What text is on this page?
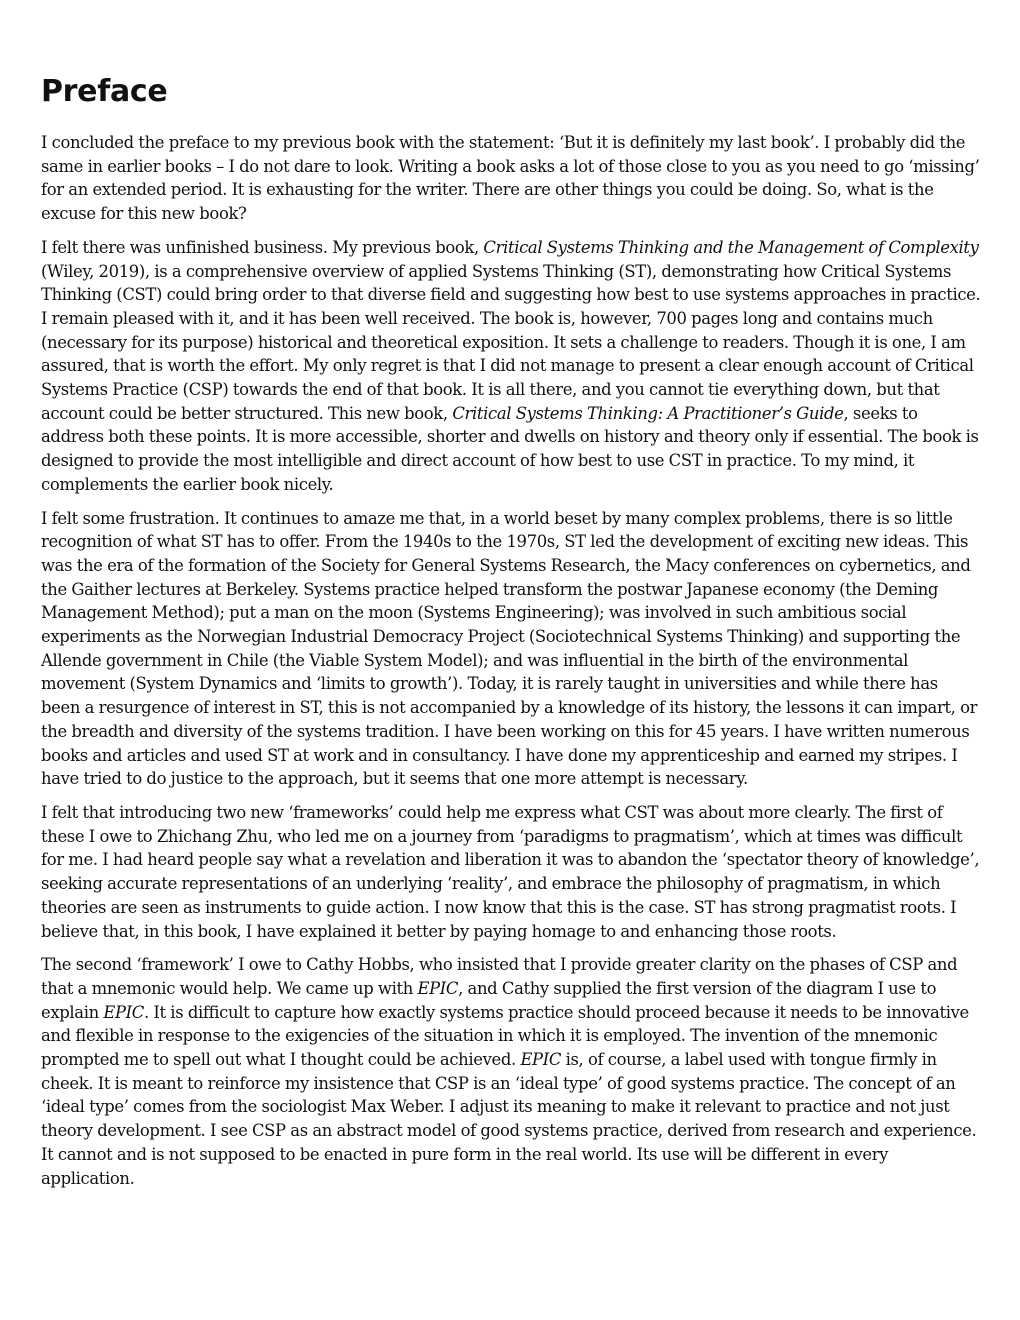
Preface

I concluded the preface to my previous book with the statement: ‘But it is definitely my last book’. I probably did the same in earlier books – I do not dare to look. Writing a book asks a lot of those close to you as you need to go ‘missing’ for an extended period. It is exhausting for the writer. There are other things you could be doing. So, what is the excuse for this new book?

I felt there was unfinished business. My previous book, Critical Systems Thinking and the Management of Complexity (Wiley, 2019), is a comprehensive overview of applied Systems Thinking (ST), demonstrating how Critical Systems Thinking (CST) could bring order to that diverse field and suggesting how best to use systems approaches in practice. I remain pleased with it, and it has been well received. The book is, however, 700 pages long and contains much (necessary for its purpose) historical and theoretical exposition. It sets a challenge to readers. Though it is one, I am assured, that is worth the effort. My only regret is that I did not manage to present a clear enough account of Critical Systems Practice (CSP) towards the end of that book. It is all there, and you cannot tie everything down, but that account could be better structured. This new book, Critical Systems Thinking: A Practitioner’s Guide, seeks to address both these points. It is more accessible, shorter and dwells on history and theory only if essential. The book is designed to provide the most intelligible and direct account of how best to use CST in practice. To my mind, it complements the earlier book nicely.

I felt some frustration. It continues to amaze me that, in a world beset by many complex problems, there is so little recognition of what ST has to offer. From the 1940s to the 1970s, ST led the development of exciting new ideas. This was the era of the formation of the Society for General Systems Research, the Macy conferences on cybernetics, and the Gaither lectures at Berkeley. Systems practice helped transform the postwar Japanese economy (the Deming Management Method); put a man on the moon (Systems Engineering); was involved in such ambitious social experiments as the Norwegian Industrial Democracy Project (Sociotechnical Systems Thinking) and supporting the Allende government in Chile (the Viable System Model); and was influential in the birth of the environmental movement (System Dynamics and ‘limits to growth’). Today, it is rarely taught in universities and while there has been a resurgence of interest in ST, this is not accompanied by a knowledge of its history, the lessons it can impart, or the breadth and diversity of the systems tradition. I have been working on this for 45 years. I have written numerous books and articles and used ST at work and in consultancy. I have done my apprenticeship and earned my stripes. I have tried to do justice to the approach, but it seems that one more attempt is necessary.

I felt that introducing two new ‘frameworks’ could help me express what CST was about more clearly. The first of these I owe to Zhichang Zhu, who led me on a journey from ‘paradigms to pragmatism’, which at times was difficult for me. I had heard people say what a revelation and liberation it was to abandon the ‘spectator theory of knowledge’, seeking accurate representations of an underlying ‘reality’, and embrace the philosophy of pragmatism, in which theories are seen as instruments to guide action. I now know that this is the case. ST has strong pragmatist roots. I believe that, in this book, I have explained it better by paying homage to and enhancing those roots.

The second ‘framework’ I owe to Cathy Hobbs, who insisted that I provide greater clarity on the phases of CSP and that a mnemonic would help. We came up with EPIC, and Cathy supplied the first version of the diagram I use to explain EPIC. It is difficult to capture how exactly systems practice should proceed because it needs to be innovative and flexible in response to the exigencies of the situation in which it is employed. The invention of the mnemonic prompted me to spell out what I thought could be achieved. EPIC is, of course, a label used with tongue firmly in cheek. It is meant to reinforce my insistence that CSP is an ‘ideal type’ of good systems practice. The concept of an ‘ideal type’ comes from the sociologist Max Weber. I adjust its meaning to make it relevant to practice and not just theory development. I see CSP as an abstract model of good systems practice, derived from research and experience. It cannot and is not supposed to be enacted in pure form in the real world. Its use will be different in every application.
